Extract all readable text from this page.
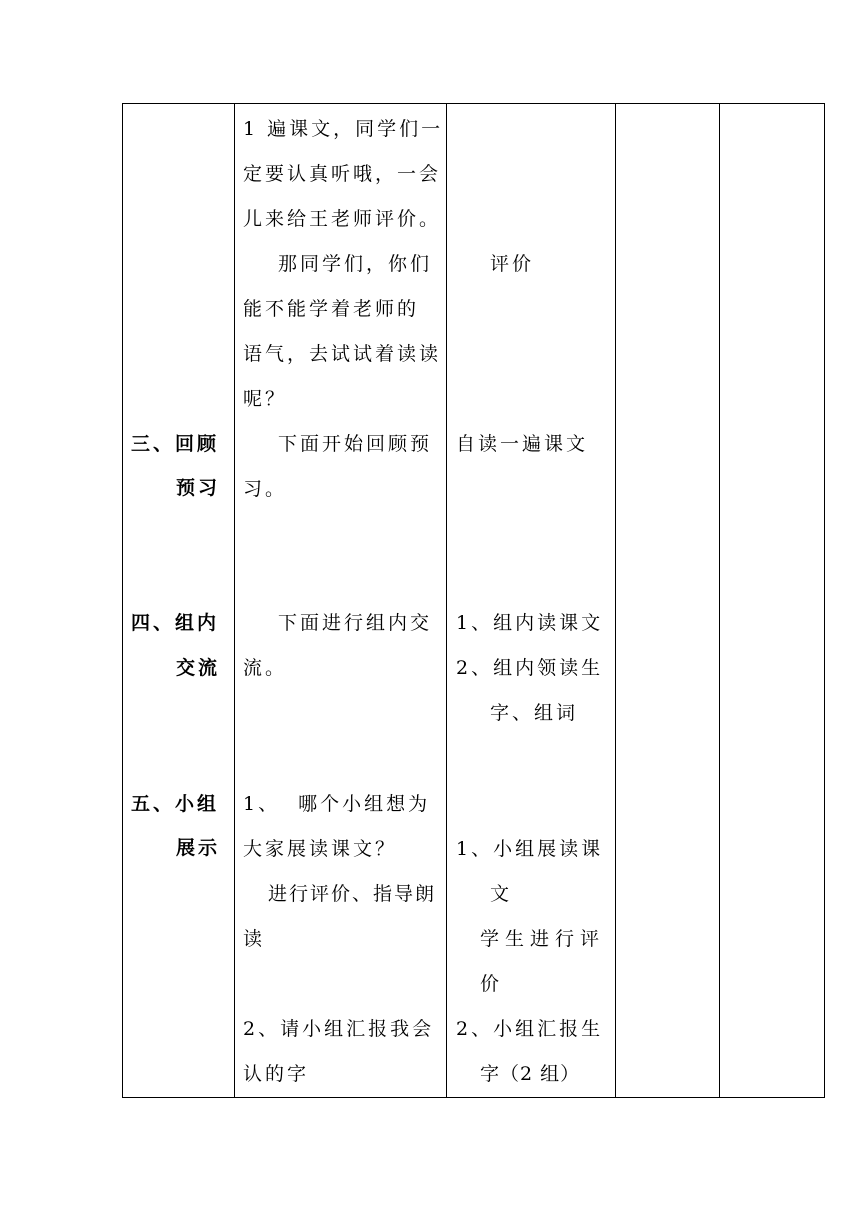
三、回顾
预习
四、组内
交流
五、小组
展示
1 遍课文，同学们一
定要认真听哦，一会
儿来给王老师评价。
那同学们，你们
能不能学着老师的
语气，去试试着读读
呢？
下面开始回顾预
习。
下面进行组内交
流。
1、  哪个小组想为
大家展读课文？
进行评价、指导朗
读
2、请小组汇报我会
认的字
评价
自读一遍课文
1、组内读课文
2、组内领读生
字、组词
1、小组展读课
文
学生进行评
价
2、小组汇报生
字（2 组）
